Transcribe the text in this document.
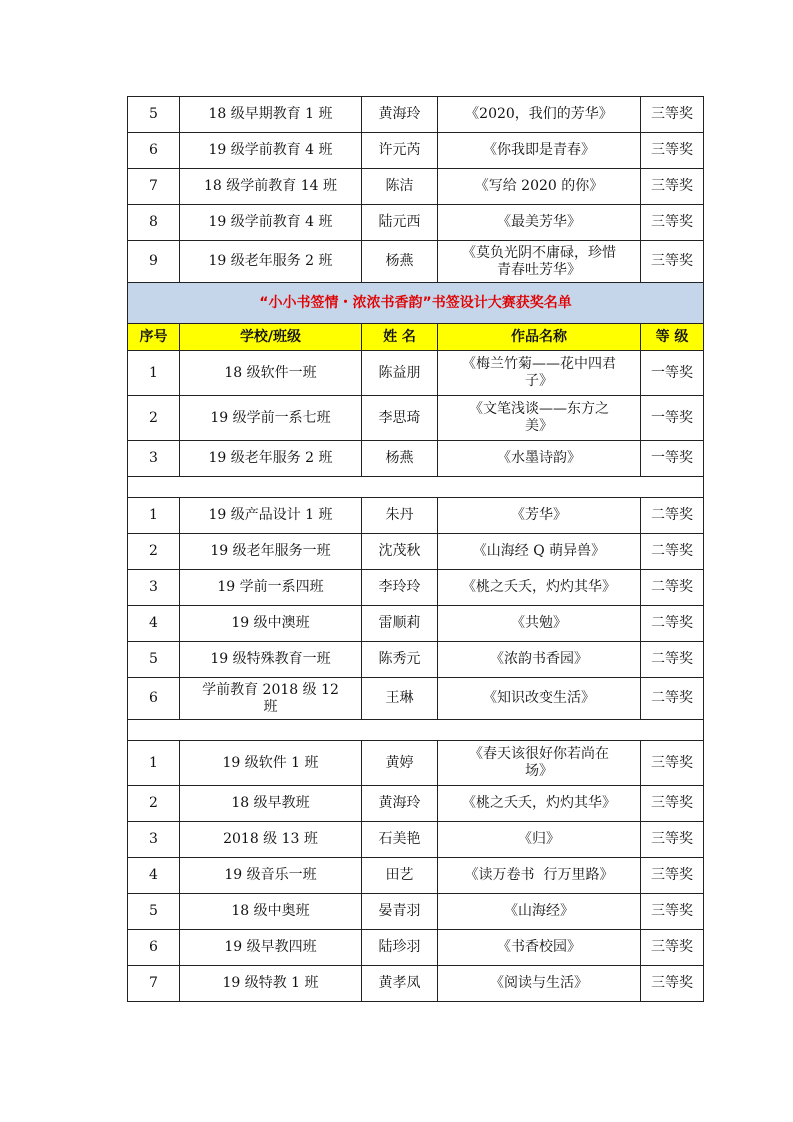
5	18 级早期教育 1 班	黄海玲	《2020，我们的芳华》	三等奖
6	19 级学前教育 4 班	许元芮	《你我即是青春》	三等奖
7	18 级学前教育 14 班	陈洁	《写给 2020 的你》	三等奖
8	19 级学前教育 4 班	陆元西	《最美芳华》	三等奖
9	19 级老年服务 2 班	杨燕	《莫负光阴不庸碌，珍惜
青春吐芳华》	三等奖
“小小书签情・浓浓书香韵”书签设计大赛获奖名单				
序号	学校/班级	姓 名	作品名称	等 级
1	18 级软件一班	陈益朋	《梅兰竹菊——花中四君
子》	一等奖
2	19 级学前一系七班	李思琦	《文笔浅谈——东方之
美》	一等奖
3	19 级老年服务 2 班	杨燕	《水墨诗韵》	一等奖

1	19 级产品设计 1 班	朱丹	《芳华》	二等奖
2	19 级老年服务一班	沈茂秋	《山海经 Q 萌异兽》	二等奖
3	19 学前一系四班	李玲玲	《桃之夭夭，灼灼其华》	二等奖
4	19 级中澳班	雷顺莉	《共勉》	二等奖
5	19 级特殊教育一班	陈秀元	《浓韵书香园》	二等奖
6	学前教育 2018 级 12
班	王琳	《知识改变生活》	二等奖

1	19 级软件 1 班	黄婷	《春天该很好你若尚在
场》	三等奖
2	18 级早教班	黄海玲	《桃之夭夭，灼灼其华》	三等奖
3	2018 级 13 班	石美艳	《归》	三等奖
4	19 级音乐一班	田艺	《读万卷书  行万里路》	三等奖
5	18 级中奥班	晏青羽	《山海经》	三等奖
6	19 级早教四班	陆珍羽	《书香校园》	三等奖
7	19 级特教 1 班	黄孝凤	《阅读与生活》	三等奖
